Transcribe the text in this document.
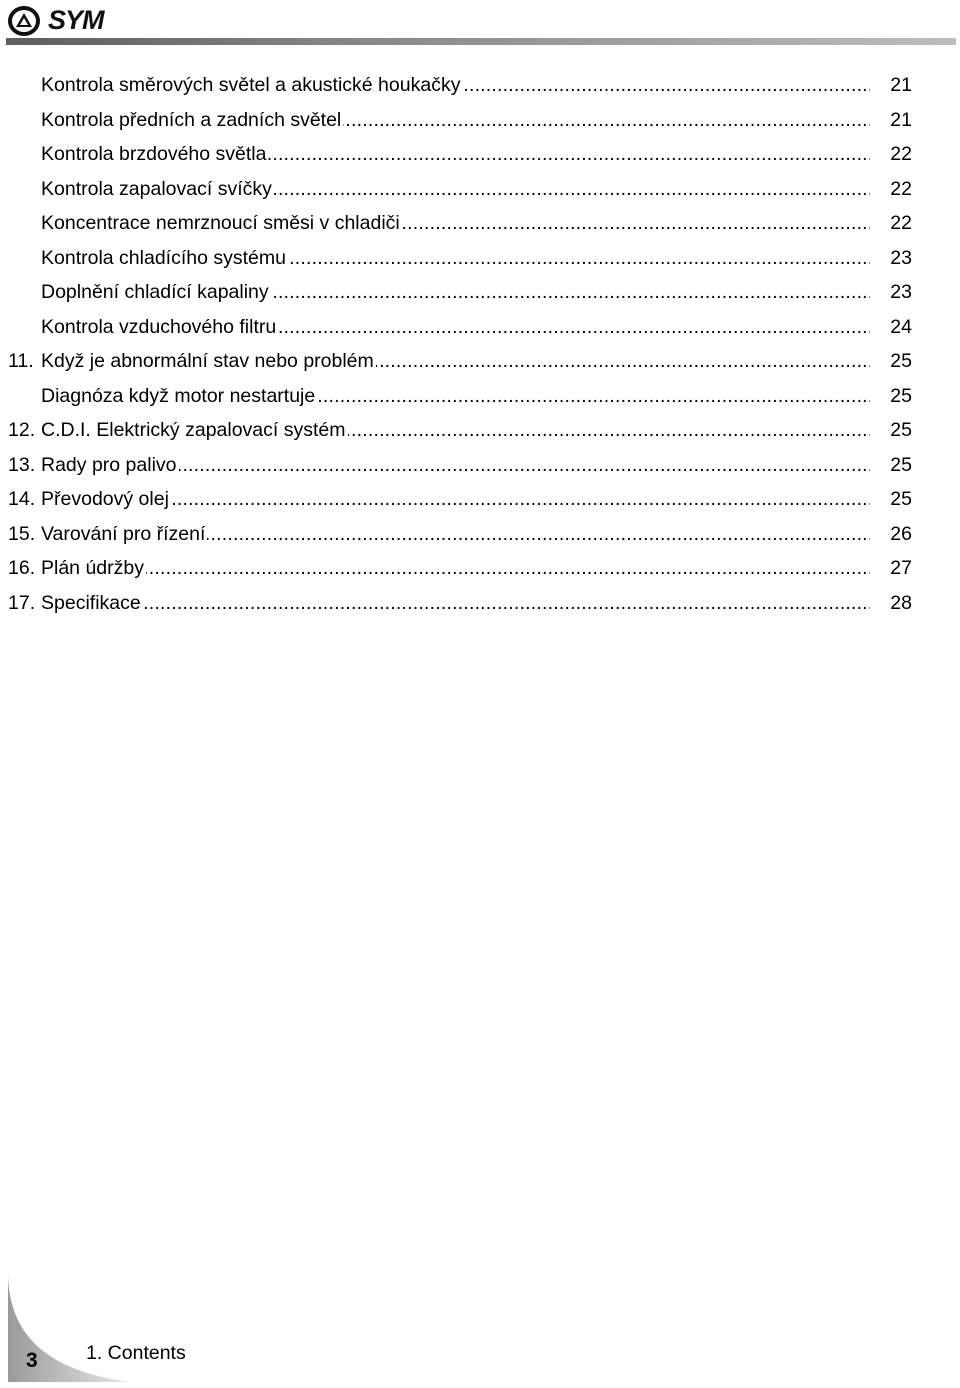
SYM
.....
Kontrola směrových světel a akustické houkačky	21
.....
Kontrola předních a zadních světel	21
.....
Kontrola brzdového světla	22
.....
Kontrola zapalovací svíčky	22
.....
Koncentrace nemrznoucí směsi v chladiči	22
.....
Kontrola chladícího systému	23
.....
Doplnění chladící kapaliny	23
.....
Kontrola vzduchového filtru	24
.....
11. Když je abnormální stav nebo problém	25
.....
Diagnóza když motor nestartuje	25
.....
12. C.D.I. Elektrický zapalovací systém	25
.....
13. Rady pro palivo	25
.....
14. Převodový olej	25
.....
15. Varování pro řízení	26
.....
16. Plán údržby	27
.....
17. Specifikace	28
3 1. Contents
